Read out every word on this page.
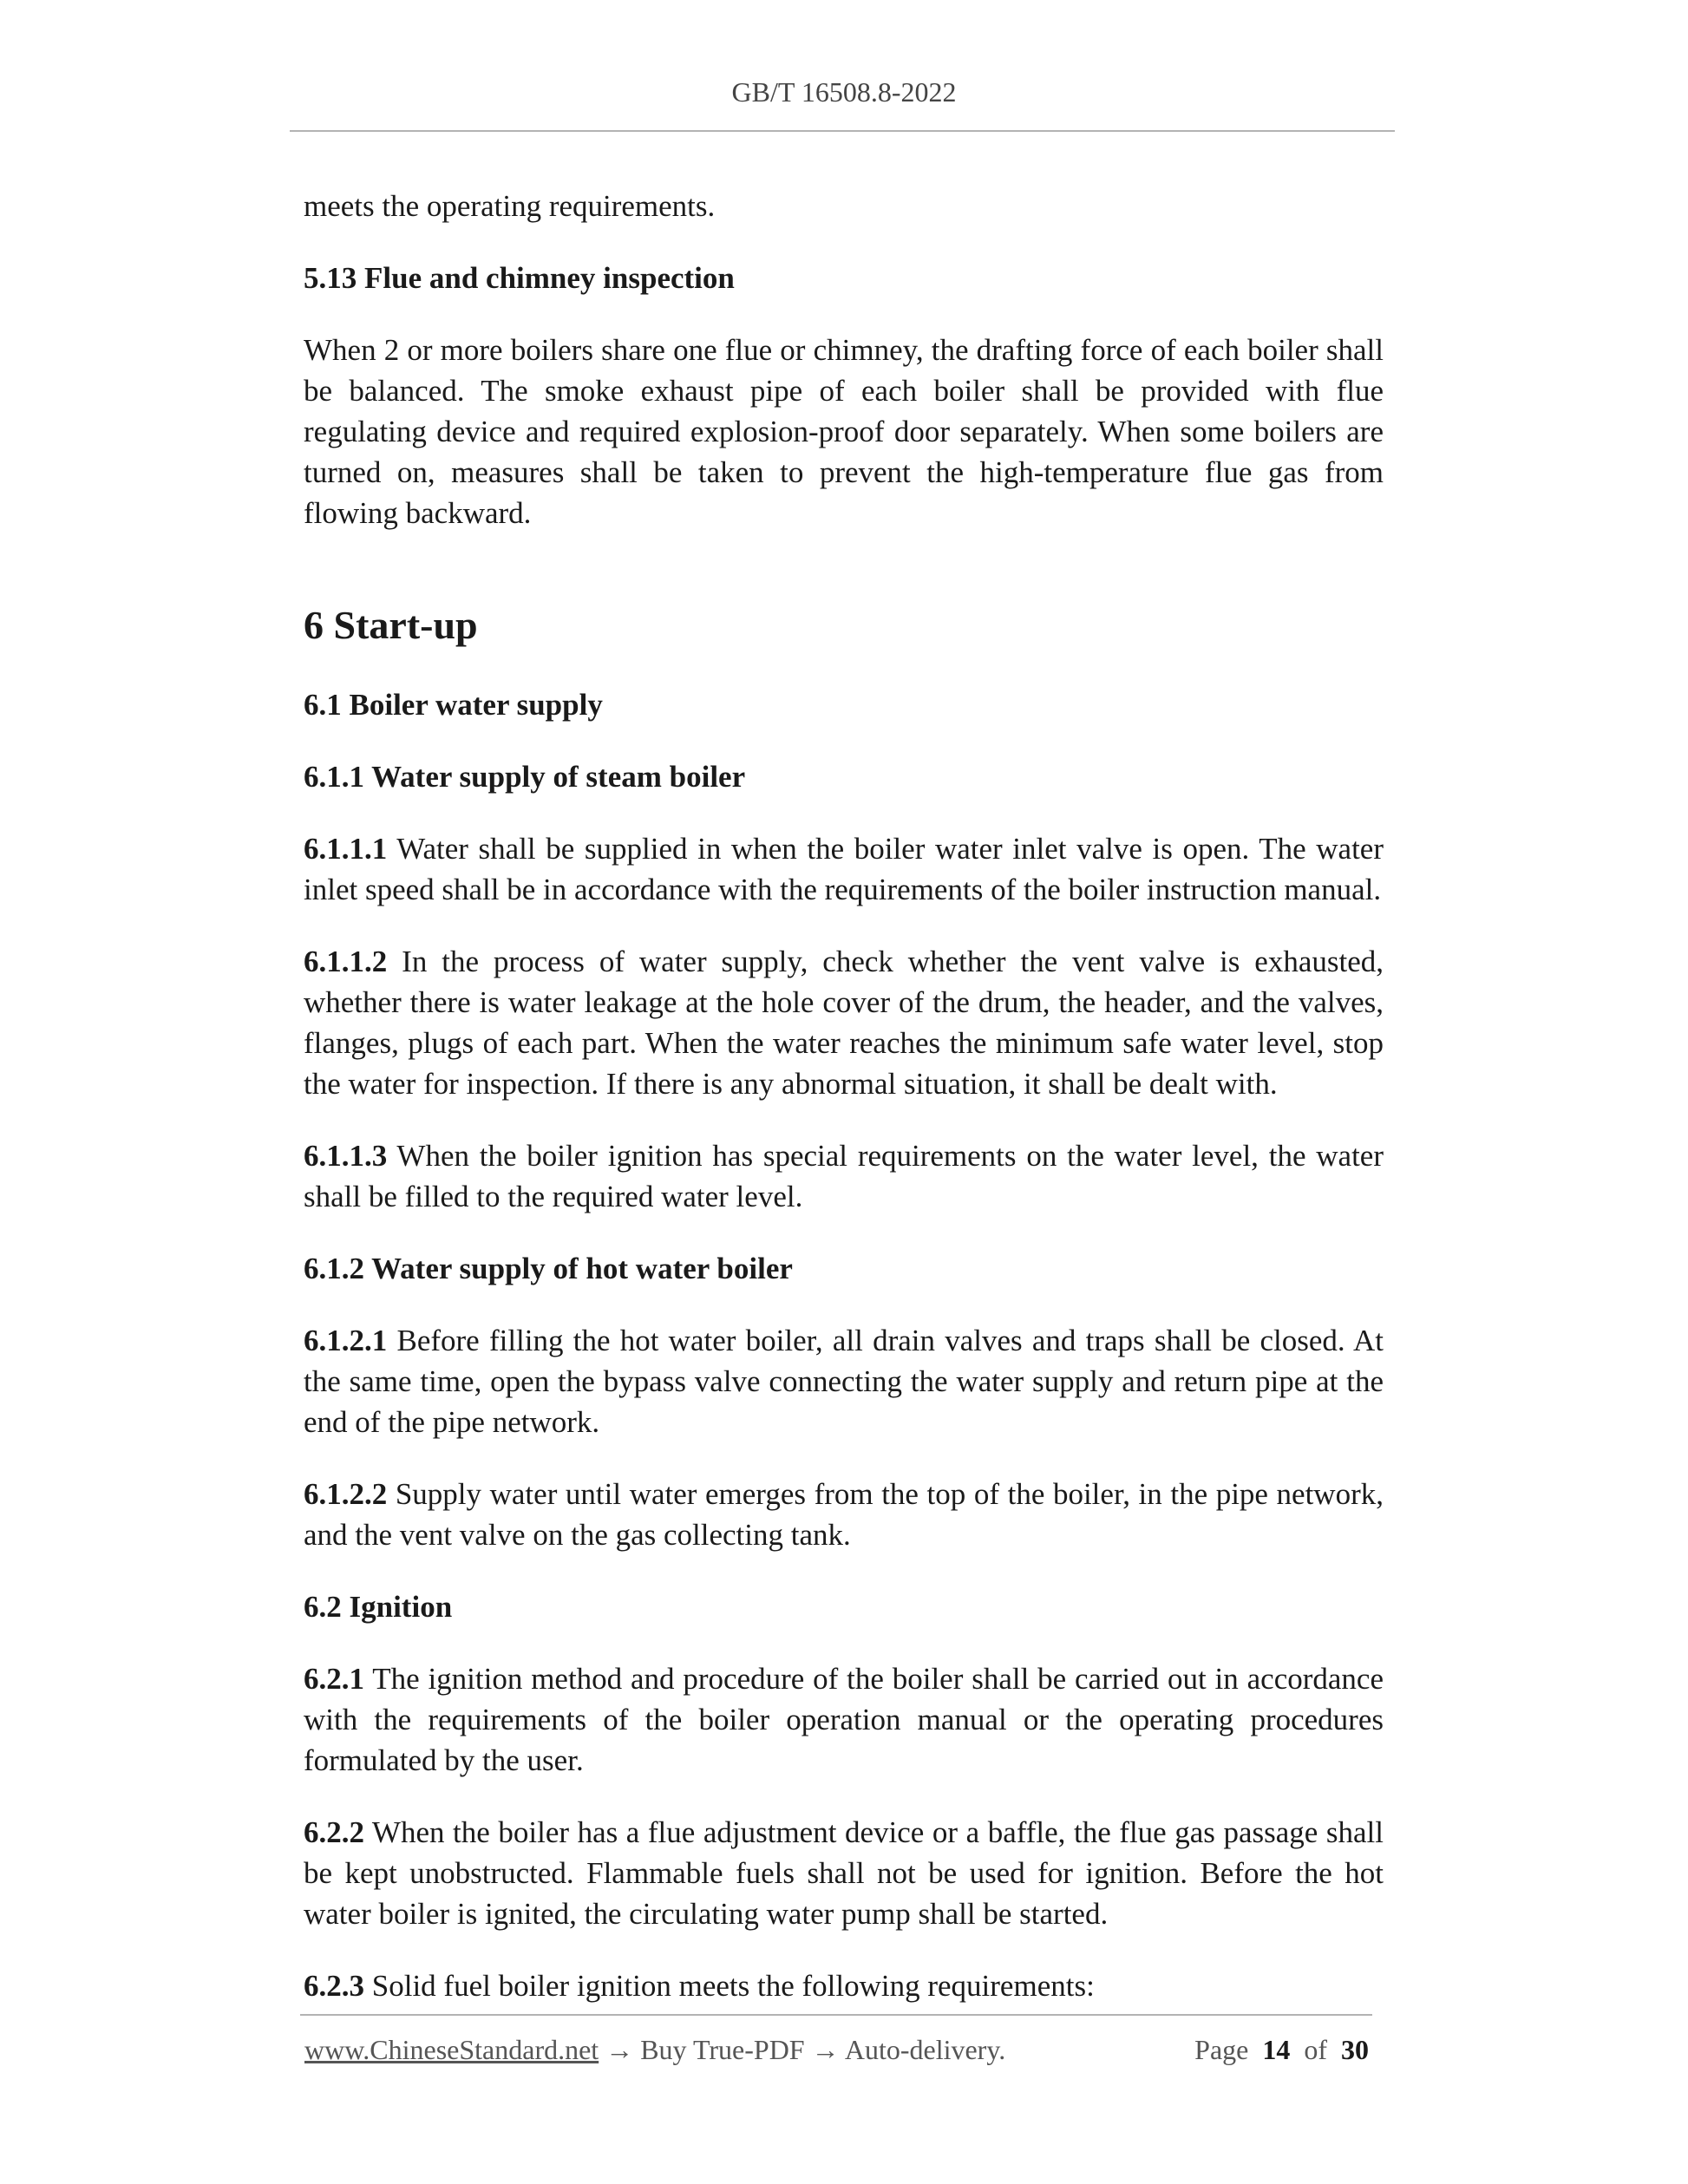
GB/T 16508.8-2022

meets the operating requirements.

5.13 Flue and chimney inspection

When 2 or more boilers share one flue or chimney, the drafting force of each boiler shall be balanced. The smoke exhaust pipe of each boiler shall be provided with flue regulating device and required explosion-proof door separately. When some boilers are turned on, measures shall be taken to prevent the high-temperature flue gas from flowing backward.

6 Start-up

6.1 Boiler water supply

6.1.1 Water supply of steam boiler

6.1.1.1 Water shall be supplied in when the boiler water inlet valve is open. The water inlet speed shall be in accordance with the requirements of the boiler instruction manual.

6.1.1.2 In the process of water supply, check whether the vent valve is exhausted, whether there is water leakage at the hole cover of the drum, the header, and the valves, flanges, plugs of each part. When the water reaches the minimum safe water level, stop the water for inspection. If there is any abnormal situation, it shall be dealt with.

6.1.1.3 When the boiler ignition has special requirements on the water level, the water shall be filled to the required water level.

6.1.2 Water supply of hot water boiler

6.1.2.1 Before filling the hot water boiler, all drain valves and traps shall be closed. At the same time, open the bypass valve connecting the water supply and return pipe at the end of the pipe network.

6.1.2.2 Supply water until water emerges from the top of the boiler, in the pipe network, and the vent valve on the gas collecting tank.

6.2 Ignition

6.2.1 The ignition method and procedure of the boiler shall be carried out in accordance with the requirements of the boiler operation manual or the operating procedures formulated by the user.

6.2.2 When the boiler has a flue adjustment device or a baffle, the flue gas passage shall be kept unobstructed. Flammable fuels shall not be used for ignition. Before the hot water boiler is ignited, the circulating water pump shall be started.

6.2.3 Solid fuel boiler ignition meets the following requirements:

www.ChineseStandard.net → Buy True-PDF → Auto-delivery.	Page 14 of 30
